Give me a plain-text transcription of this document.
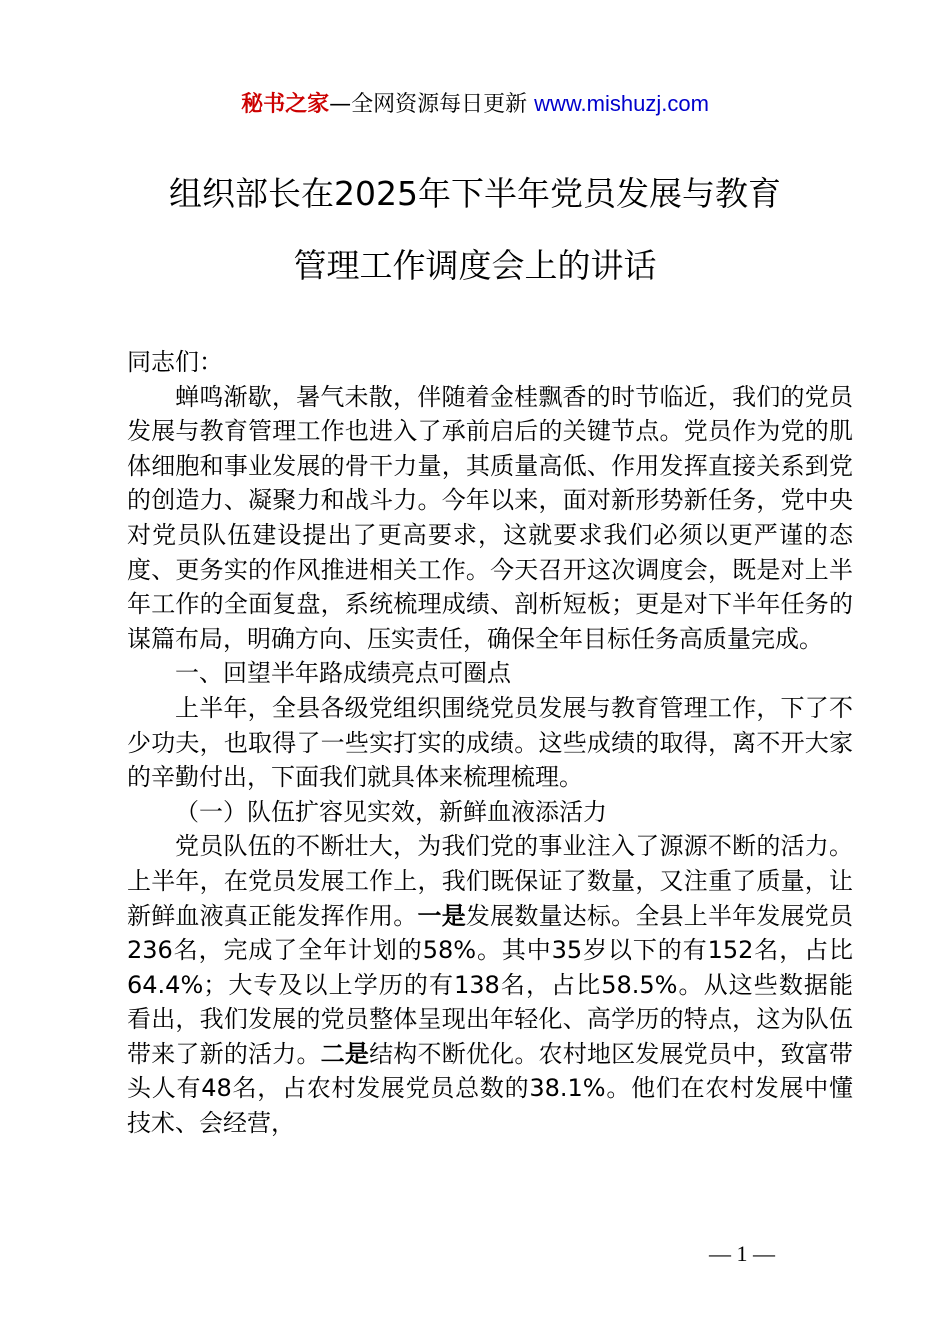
秘书之家—全网资源每日更新 www.mishuzj.com
组织部长在2025年下半年党员发展与教育
管理工作调度会上的讲话

同志们：

蝉鸣渐歇，暑气未散，伴随着金桂飘香的时节临近，我们的党员发展与教育管理工作也进入了承前启后的关键节点。党员作为党的肌体细胞和事业发展的骨干力量，其质量高低、作用发挥直接关系到党的创造力、凝聚力和战斗力。今年以来，面对新形势新任务，党中央对党员队伍建设提出了更高要求，这就要求我们必须以更严谨的态度、更务实的作风推进相关工作。今天召开这次调度会，既是对上半年工作的全面复盘，系统梳理成绩、剖析短板；更是对下半年任务的谋篇布局，明确方向、压实责任，确保全年目标任务高质量完成。

一、回望半年路成绩亮点可圈点

上半年，全县各级党组织围绕党员发展与教育管理工作，下了不少功夫，也取得了一些实打实的成绩。这些成绩的取得，离不开大家的辛勤付出，下面我们就具体来梳理梳理。

（一）队伍扩容见实效，新鲜血液添活力

党员队伍的不断壮大，为我们党的事业注入了源源不断的活力。上半年，在党员发展工作上，我们既保证了数量，又注重了质量，让新鲜血液真正能发挥作用。一是发展数量达标。全县上半年发展党员236名，完成了全年计划的58%。其中35岁以下的有152名，占比64.4%；大专及以上学历的有138名，占比58.5%。从这些数据能看出，我们发展的党员整体呈现出年轻化、高学历的特点，这为队伍带来了新的活力。二是结构不断优化。农村地区发展党员中，致富带头人有48名，占农村发展党员总数的38.1%。他们在农村发展中懂技术、会经营，

— 1 —
